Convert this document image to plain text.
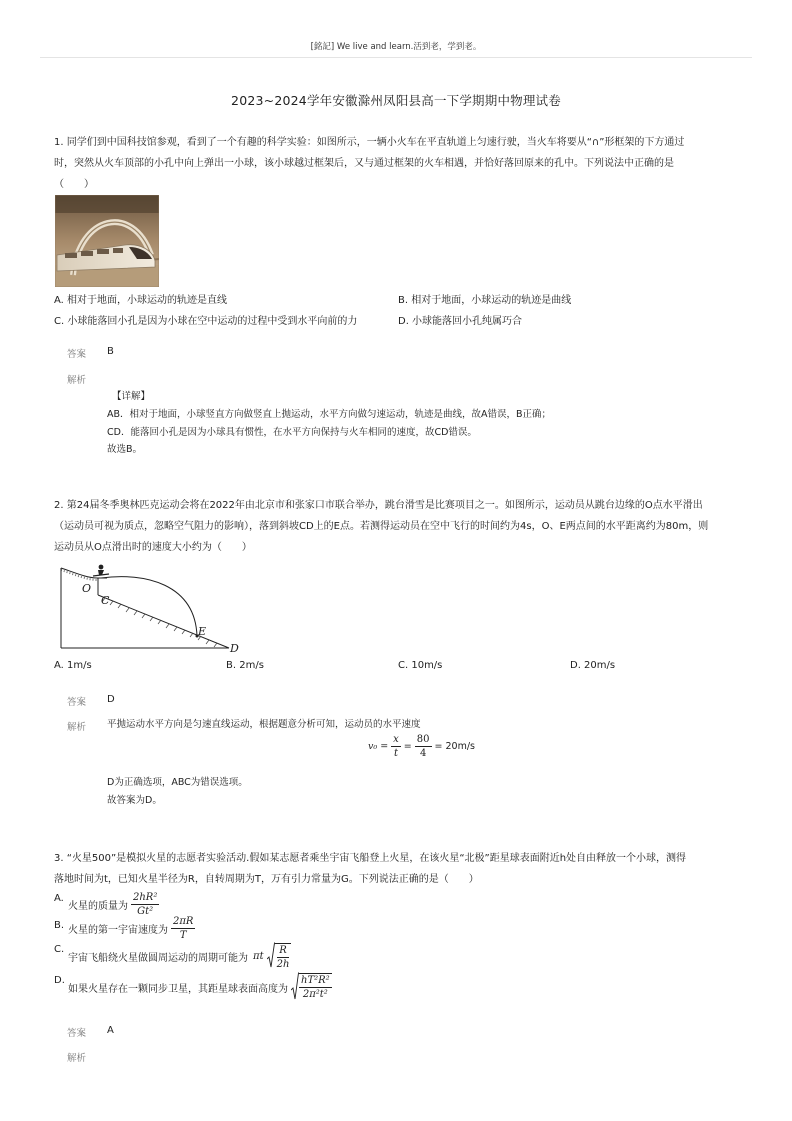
[銘記] We live and learn.活到老，学到老。
2023~2024学年安徽滁州凤阳县高一下学期期中物理试卷
1. 同学们到中国科技馆参观，看到了一个有趣的科学实验：如图所示，一辆小火车在平直轨道上匀速行驶，当火车将要从“∩”形框架的下方通过
时，突然从火车顶部的小孔中向上弹出一小球，该小球越过框架后，又与通过框架的火车相遇，并恰好落回原来的孔中。下列说法中正确的是
（　　）
A. 相对于地面，小球运动的轨迹是直线	B. 相对于地面，小球运动的轨迹是曲线
C. 小球能落回小孔是因为小球在空中运动的过程中受到水平向前的力	D. 小球能落回小孔纯属巧合
答案 B
解析
【详解】
AB．相对于地面，小球竖直方向做竖直上抛运动，水平方向做匀速运动，轨迹是曲线，故A错误，B正确；
CD．能落回小孔是因为小球具有惯性，在水平方向保持与火车相同的速度，故CD错误。
故选B。
2. 第24届冬季奥林匹克运动会将在2022年由北京市和张家口市联合举办，跳台滑雪是比赛项目之一。如图所示，运动员从跳台边缘的O点水平滑出
（运动员可视为质点，忽略空气阻力的影响），落到斜坡CD上的E点。若测得运动员在空中飞行的时间约为4s，O、E两点间的水平距离约为80m，则
运动员从O点滑出时的速度大小约为（　　）
O
C
E
D
A. 1m/s	B. 2m/s	C. 10m/s	D. 20m/s
答案 D
解析 平抛运动水平方向是匀速直线运动，根据题意分析可知，运动员的水平速度
$v_0 = \frac{x}{t} = \frac{80}{4} = 20m/s$
D为正确选项，ABC为错误选项。
故答案为D。
3. “火星500”是模拟火星的志愿者实验活动.假如某志愿者乘坐宇宙飞船登上火星，在该火星“北极”距星球表面附近h处自由释放一个小球，测得
落地时间为t，已知火星半径为R，自转周期为T，万有引力常量为G。下列说法正确的是（　　）
A.
火星的质量为 $\frac{\text{2hR²}}{\text{Gt²}}$
B. 火星的第一宇宙速度为 $\frac{2\pi R}{T}$
C.
宇宙飞船绕火星做圆周运动的周期可能为 πt $\frac{R}{2h}$
D.
如果火星存在一颗同步卫星，其距星球表面高度为 $\frac{\text{hT²R²}}{\text{2π²t²}}$
答案 A
解析
